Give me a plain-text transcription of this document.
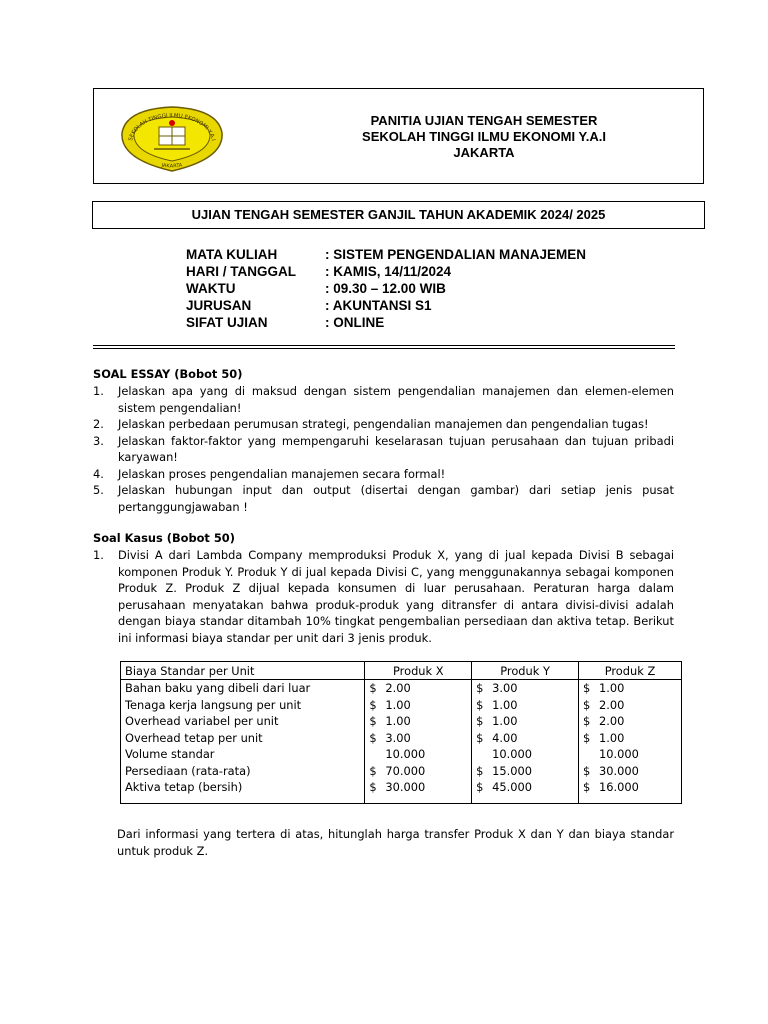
SEKOLAH TINGGI ILMU EKONOMI Y.A.I
JAKARTA
PANITIA UJIAN TENGAH SEMESTER
SEKOLAH TINGGI ILMU EKONOMI Y.A.I
JAKARTA
UJIAN TENGAH SEMESTER GANJIL TAHUN AKADEMIK 2024/ 2025
MATA KULIAH	: SISTEM PENGENDALIAN MANAJEMEN
HARI / TANGGAL : KAMIS, 14/11/2024
WAKTU	: 09.30 – 12.00 WIB
JURUSAN	: AKUNTANSI S1
SIFAT UJIAN	: ONLINE
SOAL ESSAY (Bobot 50)
1. Jelaskan apa yang di maksud dengan sistem pengendalian manajemen dan elemen-elemen sistem pengendalian!
2. Jelaskan perbedaan perumusan strategi, pengendalian manajemen dan pengendalian tugas!
3. Jelaskan faktor-faktor yang mempengaruhi keselarasan tujuan perusahaan dan tujuan pribadi karyawan!
4. Jelaskan proses pengendalian manajemen secara formal!
5. Jelaskan hubungan input dan output (disertai dengan gambar) dari setiap jenis pusat pertanggungjawaban !
Soal Kasus (Bobot 50)
1. Divisi A dari Lambda Company memproduksi Produk X, yang di jual kepada Divisi B sebagai komponen Produk Y. Produk Y di jual kepada Divisi C, yang menggunakannya sebagai komponen Produk Z. Produk Z dijual kepada konsumen di luar perusahaan. Peraturan harga dalam perusahaan menyatakan bahwa produk-produk yang ditransfer di antara divisi-divisi adalah dengan biaya standar ditambah 10% tingkat pengembalian persediaan dan aktiva tetap. Berikut ini informasi biaya standar per unit dari 3 jenis produk.
Biaya Standar per Unit	Produk X	Produk Y	Produk Z
Bahan baku yang dibeli dari luar	$ 2.00	$ 3.00	$ 1.00
Tenaga kerja langsung per unit	$ 1.00	$ 1.00	$ 2.00
Overhead variabel per unit	$ 1.00	$ 1.00	$ 2.00
Overhead tetap per unit	$ 3.00	$ 4.00	$ 1.00
Volume standar	10.000	10.000	10.000
Persediaan (rata-rata)	$ 70.000	$ 15.000	$ 30.000
Aktiva tetap (bersih)	$ 30.000	$ 45.000	$ 16.000
Dari informasi yang tertera di atas, hitunglah harga transfer Produk X dan Y dan biaya standar untuk produk Z.
